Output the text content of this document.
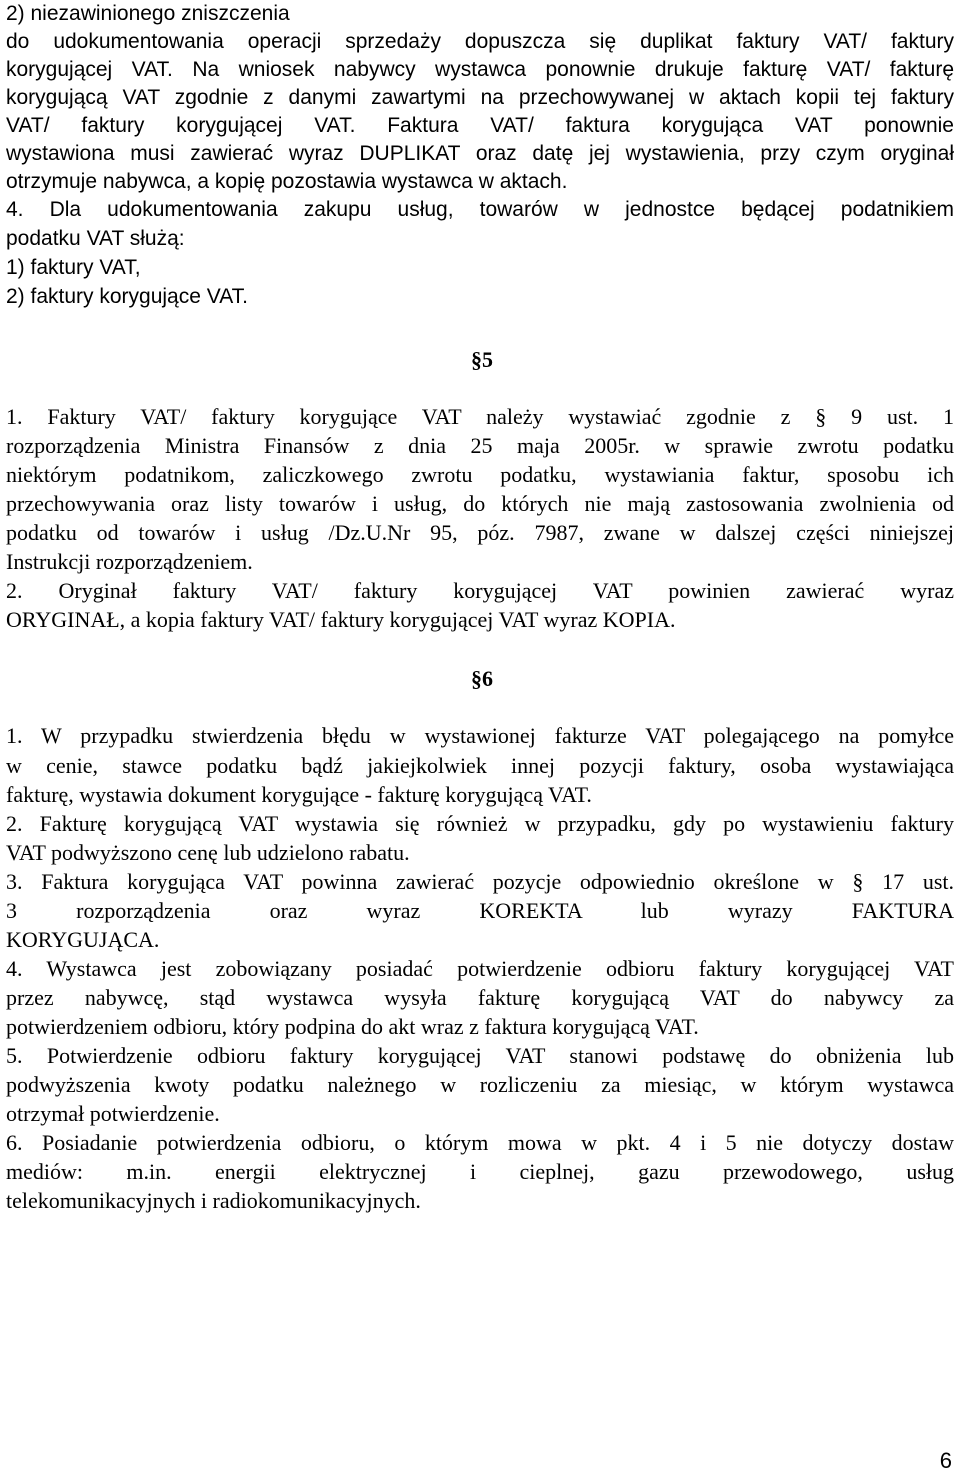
2) niezawinionego zniszczenia
do udokumentowania operacji sprzedaży dopuszcza się duplikat faktury VAT/ faktury
korygującej VAT. Na wniosek nabywcy wystawca ponownie drukuje fakturę VAT/ fakturę
korygującą VAT zgodnie z danymi zawartymi na przechowywanej w aktach kopii tej faktury
VAT/ faktury korygującej VAT. Faktura VAT/ faktura korygująca VAT ponownie
wystawiona musi zawierać wyraz DUPLIKAT oraz datę jej wystawienia, przy czym oryginał
otrzymuje nabywca, a kopię pozostawia wystawca w aktach.
4. Dla udokumentowania zakupu usług, towarów w jednostce będącej podatnikiem
podatku VAT służą:
1) faktury VAT,
2) faktury korygujące VAT.
§5
1. Faktury VAT/ faktury korygujące VAT należy wystawiać zgodnie z § 9 ust. 1
rozporządzenia Ministra Finansów z dnia 25 maja 2005r. w sprawie zwrotu podatku
niektórym podatnikom, zaliczkowego zwrotu podatku, wystawiania faktur, sposobu ich
przechowywania oraz listy towarów i usług, do których nie mają zastosowania zwolnienia od
podatku od towarów i usług /Dz.U.Nr 95, póz. 7987, zwane w dalszej części niniejszej
Instrukcji rozporządzeniem.
2. Oryginał faktury VAT/ faktury korygującej VAT powinien zawierać wyraz
ORYGINAŁ, a kopia faktury VAT/ faktury korygującej VAT wyraz KOPIA.
§6
1. W przypadku stwierdzenia błędu w wystawionej fakturze VAT polegającego na pomyłce
w cenie, stawce podatku bądź jakiejkolwiek innej pozycji faktury, osoba wystawiająca
fakturę, wystawia dokument korygujące - fakturę korygującą VAT.
2. Fakturę korygującą VAT wystawia się również w przypadku, gdy po wystawieniu faktury
VAT podwyższono cenę lub udzielono rabatu.
3. Faktura korygująca VAT powinna zawierać pozycje odpowiednio określone w § 17 ust.
3 rozporządzenia oraz wyraz KOREKTA lub wyrazy FAKTURA
KORYGUJĄCA.
4. Wystawca jest zobowiązany posiadać potwierdzenie odbioru faktury korygującej VAT
przez nabywcę, stąd wystawca wysyła fakturę korygującą VAT do nabywcy za
potwierdzeniem odbioru, który podpina do akt wraz z faktura korygującą VAT.
5. Potwierdzenie odbioru faktury korygującej VAT stanowi podstawę do obniżenia lub
podwyższenia kwoty podatku należnego w rozliczeniu za miesiąc, w którym wystawca
otrzymał potwierdzenie.
6. Posiadanie potwierdzenia odbioru, o którym mowa w pkt. 4 i 5 nie dotyczy dostaw
mediów: m.in. energii elektrycznej i cieplnej, gazu przewodowego, usług
telekomunikacyjnych i radiokomunikacyjnych.
6
